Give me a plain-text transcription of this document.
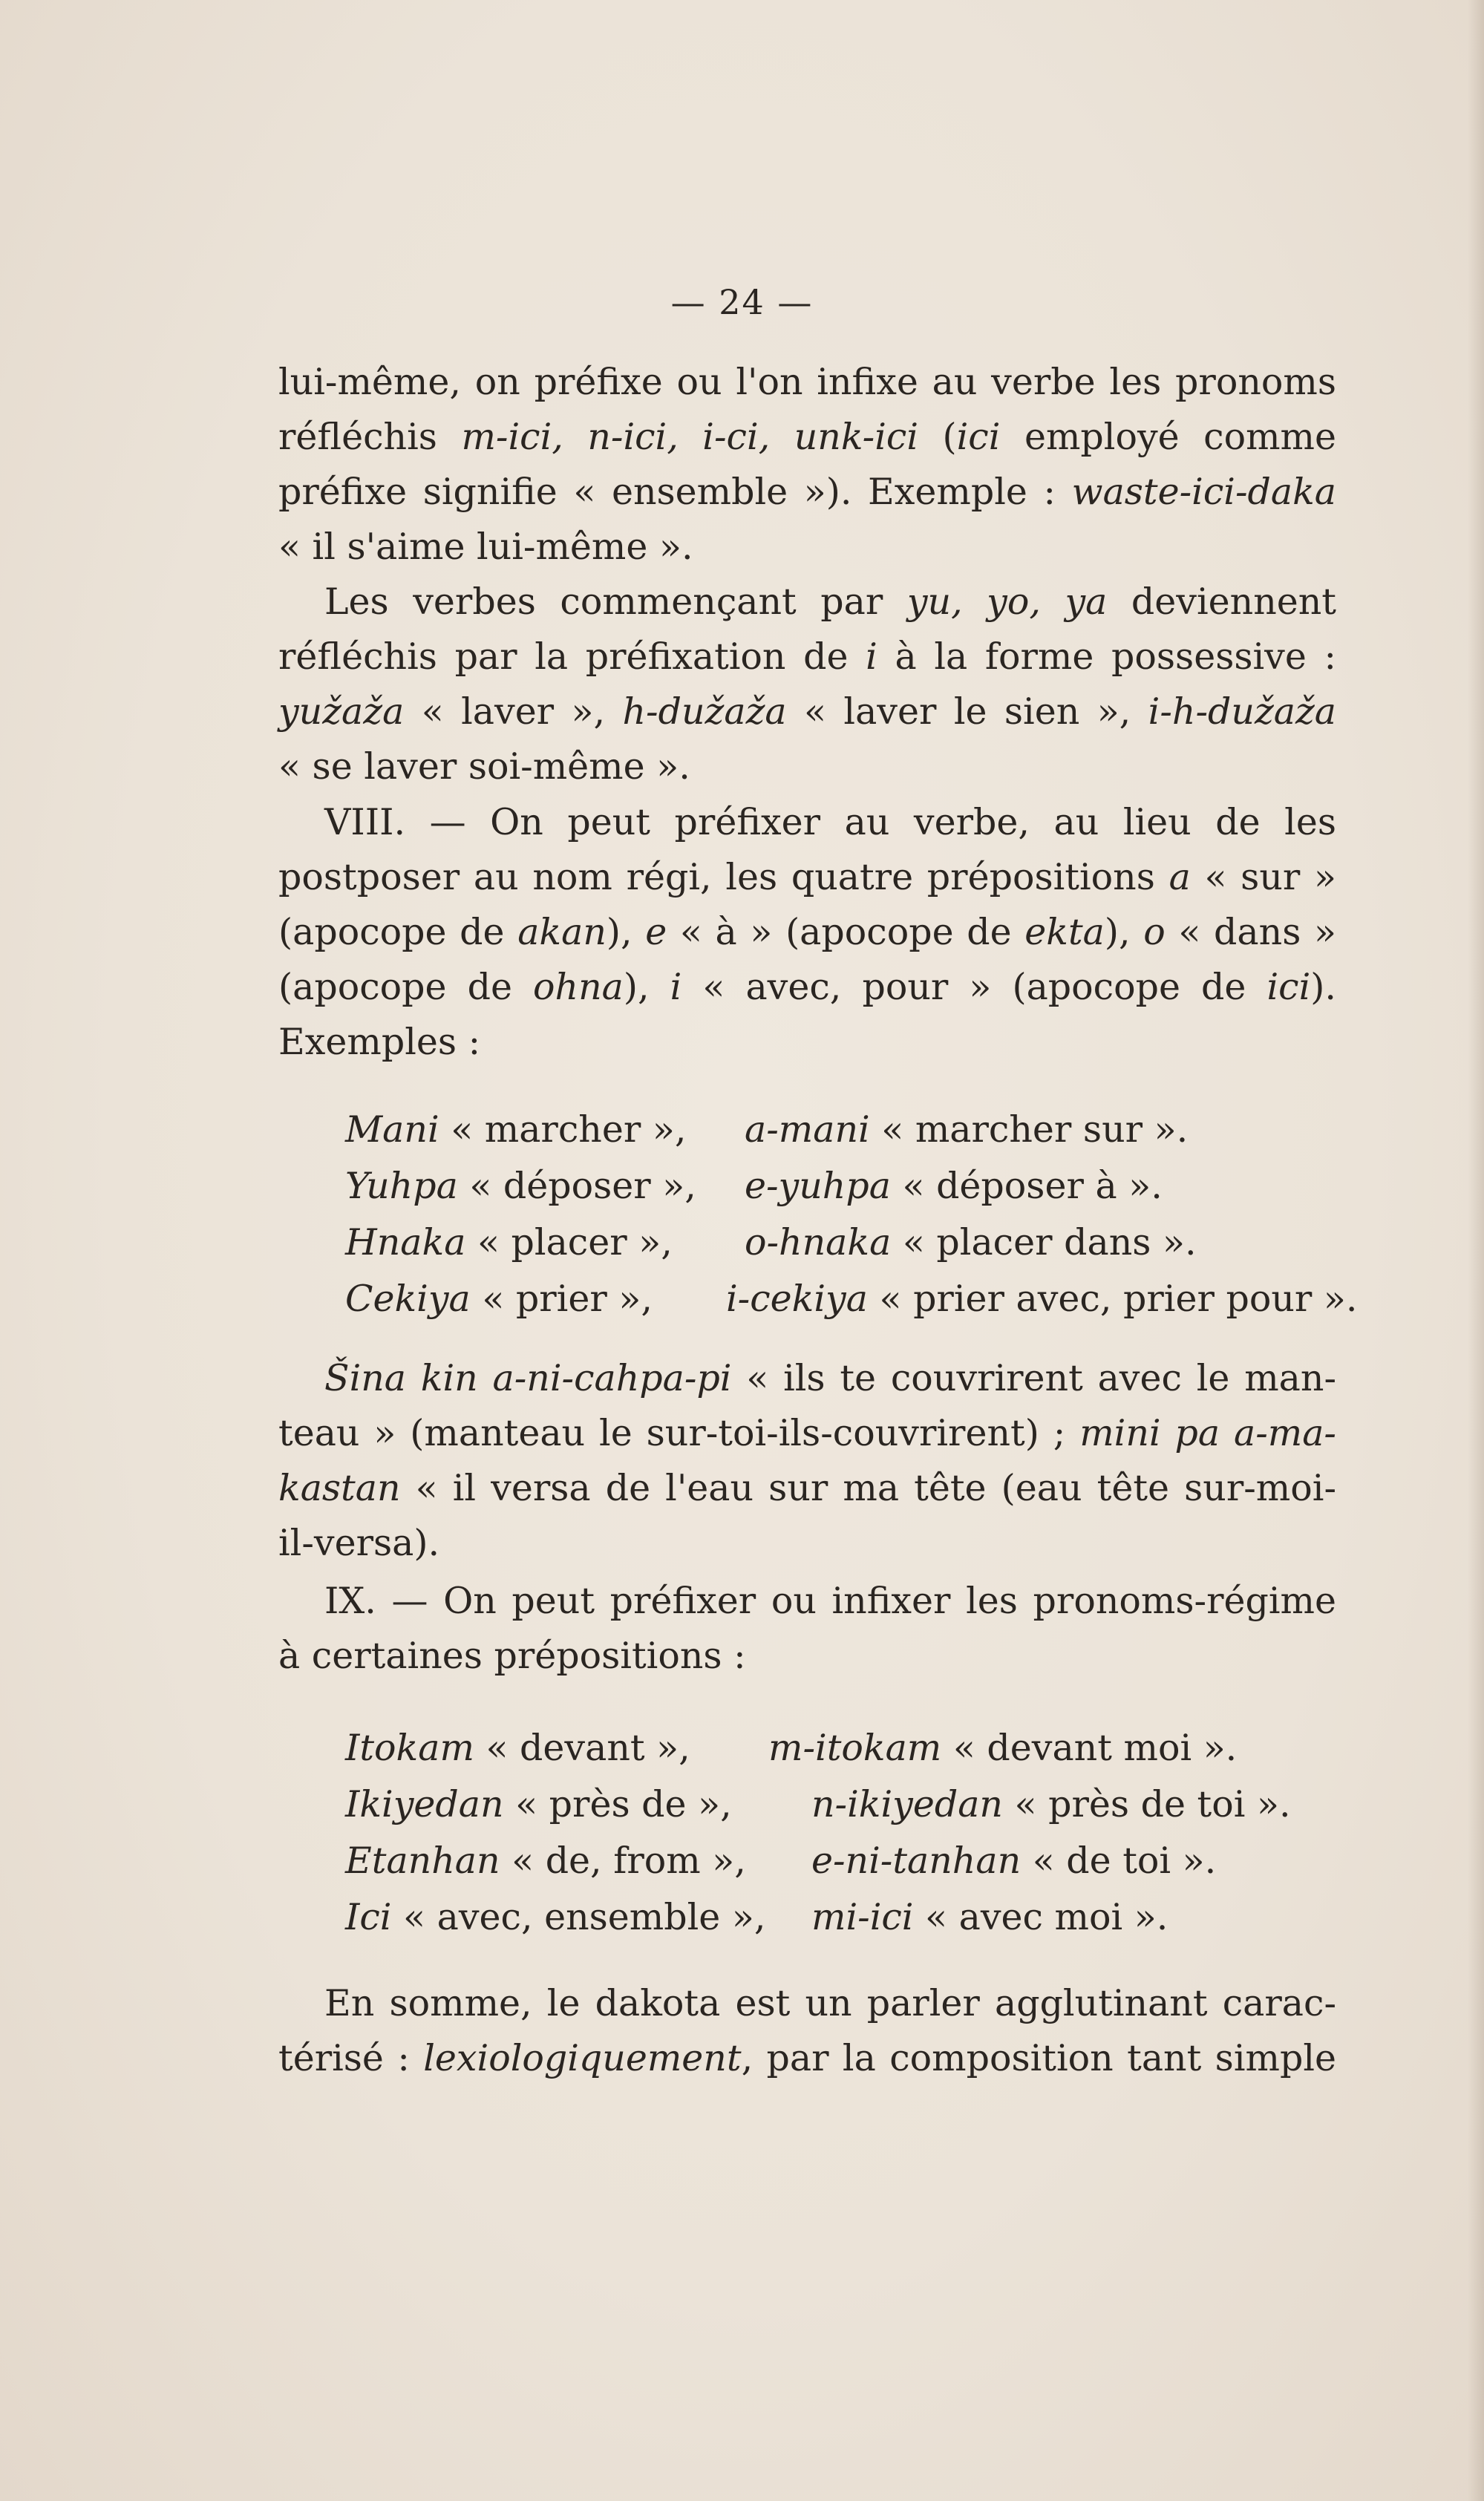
— 24 —

lui-même, on préfixe ou l'on infixe au verbe les pronoms

réfléchis m-ici, n-ici, i-ci, unk-ici (ici employé comme

préfixe signifie « ensemble »). Exemple : waste-ici-daka

« il s'aime lui-même ».

Les verbes commençant par yu, yo, ya deviennent

réfléchis par la préfixation de i à la forme possessive :

yužaža « laver », h-dužaža « laver le sien », i-h-dužaža

« se laver soi-même ».

VIII. — On peut préfixer au verbe, au lieu de les

postposer au nom régi, les quatre prépositions a « sur »

(apocope de akan), e « à » (apocope de ekta), o « dans »

(apocope de ohna), i « avec, pour » (apocope de ici).

Exemples :

Mani « marcher », a-mani « marcher sur ».
Yuhpa « déposer », e-yuhpa « déposer à ».
Hnaka « placer », o-hnaka « placer dans ».
Cekiya « prier », i-cekiya « prier avec, prier pour ».

Šina kin a-ni-cahpa-pi « ils te couvrirent avec le man-

teau » (manteau le sur-toi-ils-couvrirent) ; mini pa a-ma-

kastan « il versa de l'eau sur ma tête (eau tête sur-moi-

il-versa).

IX. — On peut préfixer ou infixer les pronoms-régime

à certaines prépositions :

Itokam « devant », m-itokam « devant moi ».
Ikiyedan « près de », n-ikiyedan « près de toi ».
Etanhan « de, from », e-ni-tanhan « de toi ».
Ici « avec, ensemble », mi-ici « avec moi ».

En somme, le dakota est un parler agglutinant carac-

térisé : lexiologiquement, par la composition tant simple
